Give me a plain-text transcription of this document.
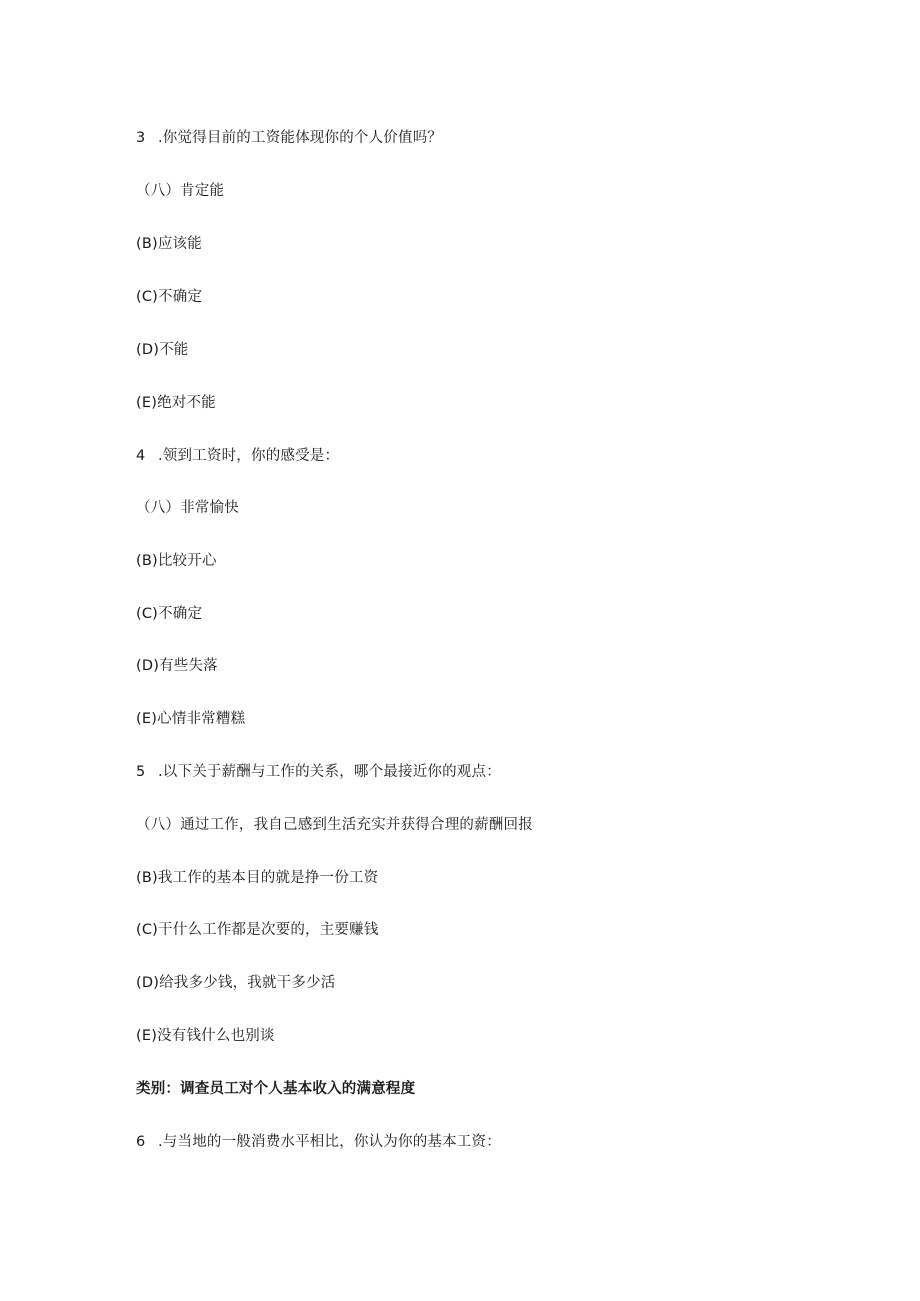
3 .你觉得目前的工资能体现你的个人价值吗？
（八）肯定能
(B)应该能
(C)不确定
(D)不能
(E)绝对不能
4 .领到工资时，你的感受是：
（八）非常愉快
(B)比较开心
(C)不确定
(D)有些失落
(E)心情非常糟糕
5 .以下关于薪酬与工作的关系，哪个最接近你的观点：
（八）通过工作，我自己感到生活充实并获得合理的薪酬回报
(B)我工作的基本目的就是挣一份工资
(C)干什么工作都是次要的，主要赚钱
(D)给我多少钱，我就干多少活
(E)没有钱什么也别谈
类别：调查员工对个人基本收入的满意程度
6 .与当地的一般消费水平相比，你认为你的基本工资：
